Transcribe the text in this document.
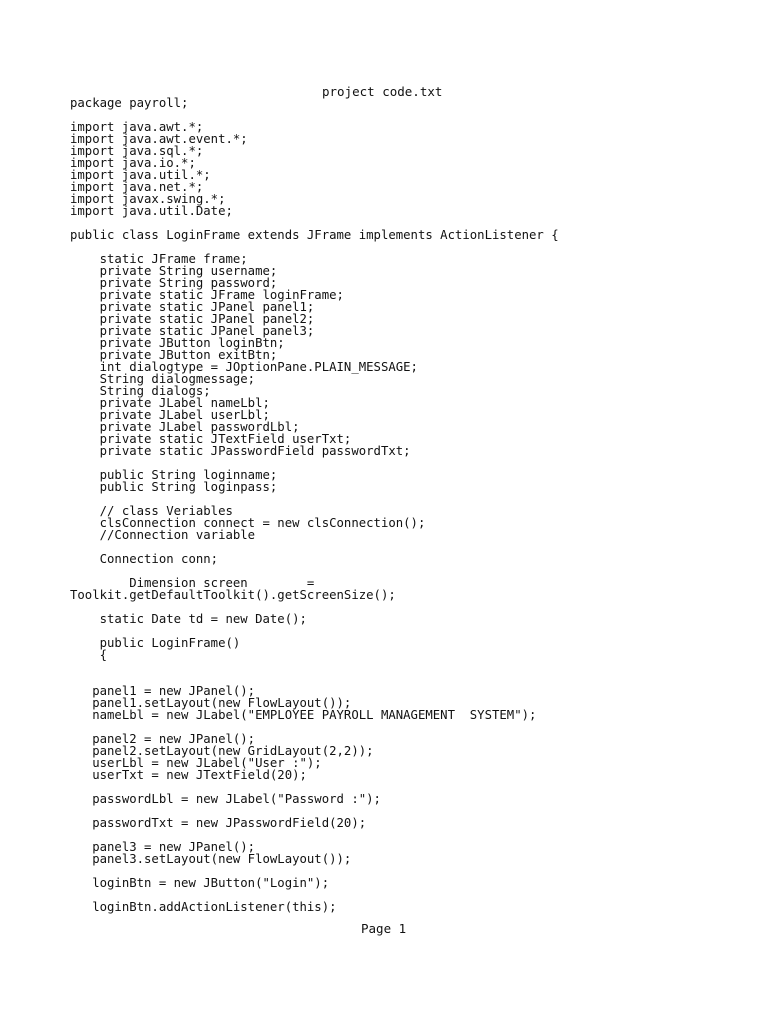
project code.txt
package payroll;
import java.awt.*;
import java.awt.event.*;
import java.sql.*;
import java.io.*;
import java.util.*;
import java.net.*;
import javax.swing.*;
import java.util.Date;
public class LoginFrame extends JFrame implements ActionListener {
static JFrame frame;
private String username;
private String password;
private static JFrame loginFrame;
private static JPanel panel1;
private static JPanel panel2;
private static JPanel panel3;
private JButton loginBtn;
private JButton exitBtn;
int dialogtype = JOptionPane.PLAIN_MESSAGE;
String dialogmessage;
String dialogs;
private JLabel nameLbl;
private JLabel userLbl;
private JLabel passwordLbl;
private static JTextField userTxt;
private static JPasswordField passwordTxt;
public String loginname;
public String loginpass;
// class Veriables
clsConnection connect = new clsConnection();
//Connection variable
Connection conn;
Dimension screen        =
Toolkit.getDefaultToolkit().getScreenSize();
static Date td = new Date();
public LoginFrame()
{
panel1 = new JPanel();
panel1.setLayout(new FlowLayout());
nameLbl = new JLabel("EMPLOYEE PAYROLL MANAGEMENT  SYSTEM");
panel2 = new JPanel();
panel2.setLayout(new GridLayout(2,2));
userLbl = new JLabel("User :");
userTxt = new JTextField(20);
passwordLbl = new JLabel("Password :");
passwordTxt = new JPasswordField(20);
panel3 = new JPanel();
panel3.setLayout(new FlowLayout());
loginBtn = new JButton("Login");
loginBtn.addActionListener(this);
Page 1
